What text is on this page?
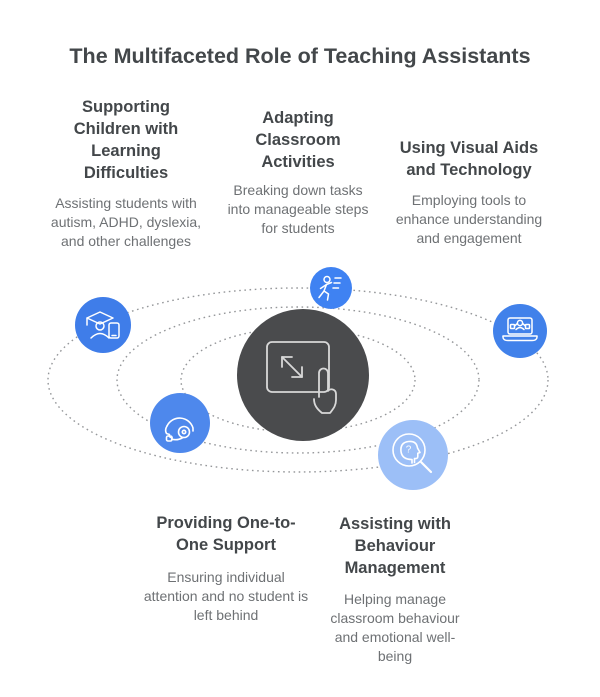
The Multifaceted Role of Teaching Assistants
Supporting Children with Learning Difficulties
Assisting students with autism, ADHD, dyslexia, and other challenges
Adapting Classroom Activities
Breaking down tasks into manageable steps for students
Using Visual Aids and Technology
Employing tools to enhance understanding and engagement
Providing One-to-One Support
Ensuring individual attention and no student is left behind
Assisting with Behaviour Management
Helping manage classroom behaviour and emotional well-being
?
